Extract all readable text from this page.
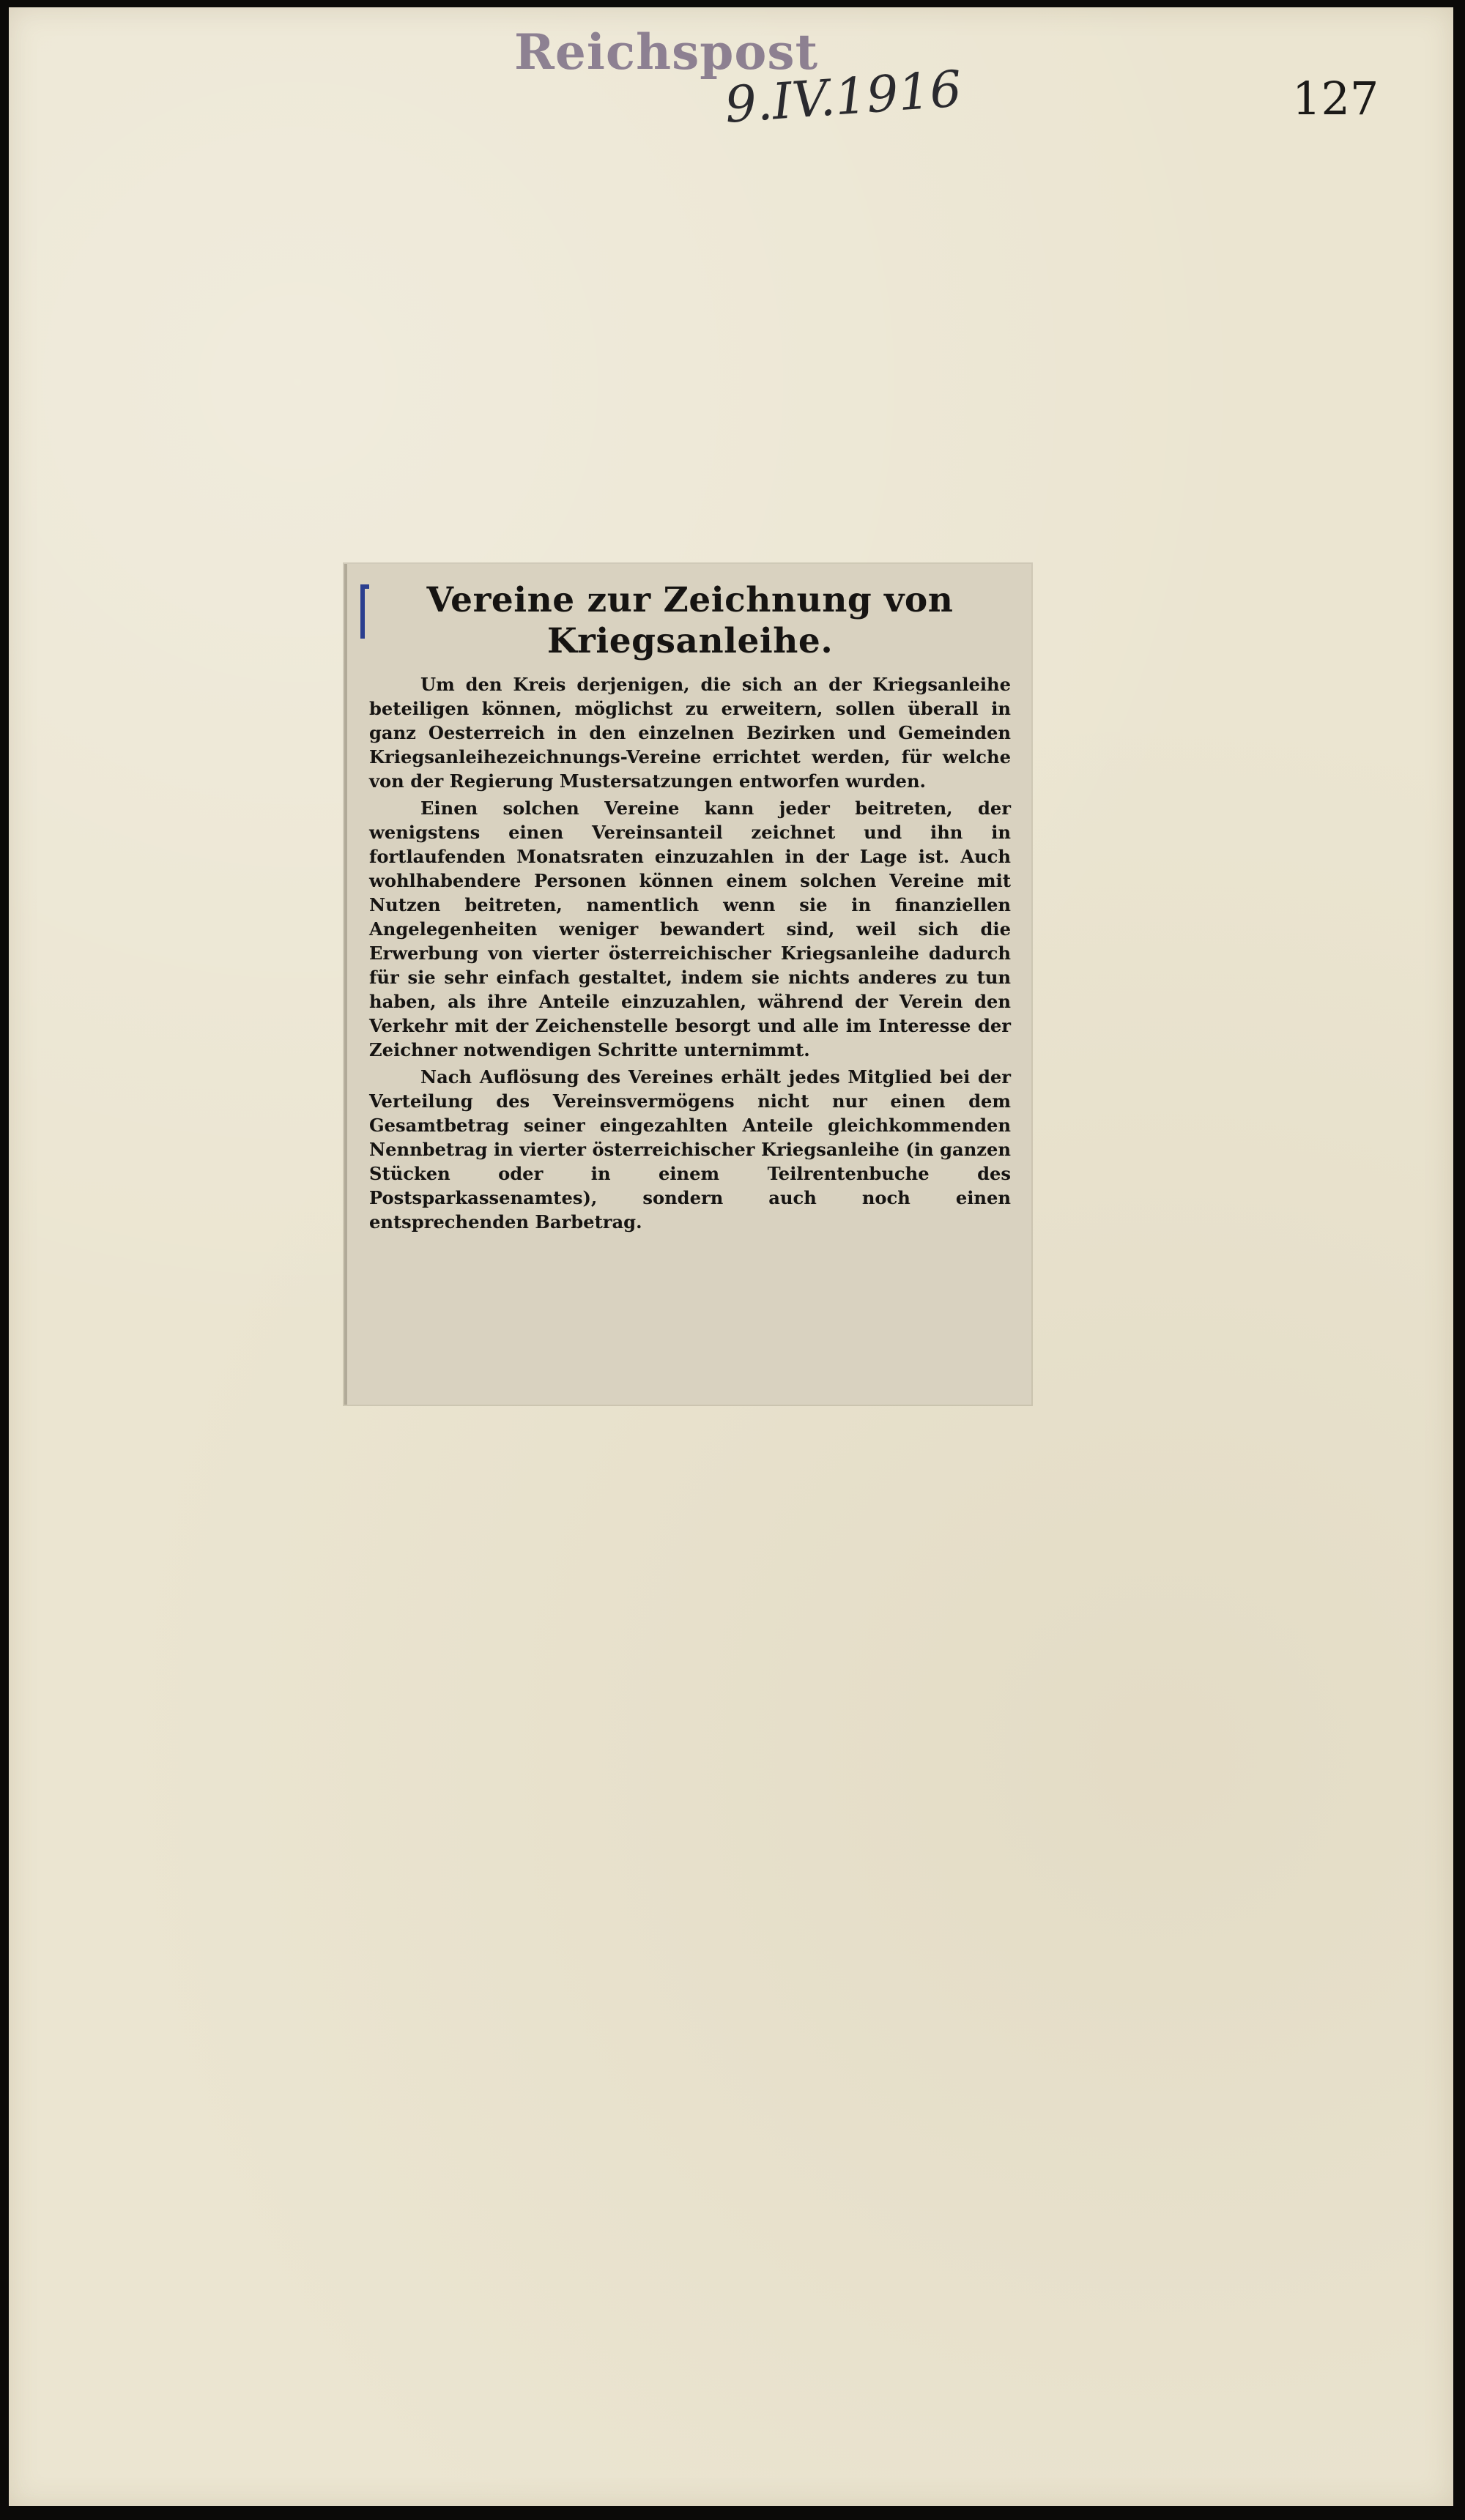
Reichspost
9.IV.1916	127
Vereine zur Zeichnung von
Kriegsanleihe.

Um den Kreis derjenigen, die sich an der Kriegsanleihe beteiligen können, möglichst zu erweitern, sollen überall in ganz Oesterreich in den einzelnen Bezirken und Gemeinden Kriegsanleihezeichnungs-Vereine errichtet werden, für welche von der Regierung Mustersatzungen entworfen wurden.

Einen solchen Vereine kann jeder beitreten, der wenigstens einen Vereinsanteil zeichnet und ihn in fortlaufenden Monatsraten einzuzahlen in der Lage ist. Auch wohlhabendere Personen können einem solchen Vereine mit Nutzen beitreten, namentlich wenn sie in finanziellen Angelegenheiten weniger bewandert sind, weil sich die Erwerbung von vierter österreichischer Kriegsanleihe dadurch für sie sehr einfach gestaltet, indem sie nichts anderes zu tun haben, als ihre Anteile einzuzahlen, während der Verein den Verkehr mit der Zeichenstelle besorgt und alle im Interesse der Zeichner notwendigen Schritte unternimmt.

Nach Auflösung des Vereines erhält jedes Mitglied bei der Verteilung des Vereinsvermögens nicht nur einen dem Gesamtbetrag seiner eingezahlten Anteile gleichkommenden Nennbetrag in vierter österreichischer Kriegsanleihe (in ganzen Stücken oder in einem Teilrentenbuche des Postsparkassenamtes), sondern auch noch einen entsprechenden Barbetrag.
